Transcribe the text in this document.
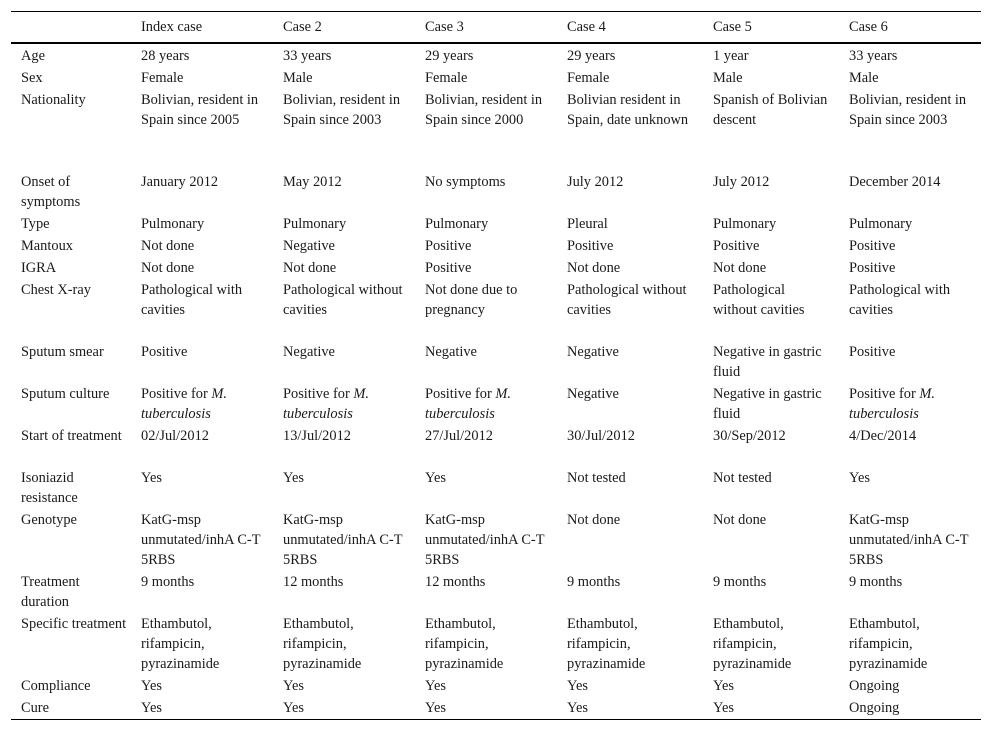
	Index case	Case 2	Case 3	Case 4	Case 5	Case 6
Age	28 years	33 years	29 years	29 years	1 year	33 years
Sex	Female	Male	Female	Female	Male	Male
Nationality	Bolivian, resident in Spain since 2005	Bolivian, resident in Spain since 2003	Bolivian, resident in Spain since 2000	Bolivian resident in Spain, date unknown	Spanish of Bolivian descent	Bolivian, resident in Spain since 2003
Onset of symptoms	January 2012	May 2012	No symptoms	July 2012	July 2012	December 2014
Type	Pulmonary	Pulmonary	Pulmonary	Pleural	Pulmonary	Pulmonary
Mantoux	Not done	Negative	Positive	Positive	Positive	Positive
IGRA	Not done	Not done	Positive	Not done	Not done	Positive
Chest X-ray	Pathological with cavities	Pathological without cavities	Not done due to pregnancy	Pathological without cavities	Pathological without cavities	Pathological with cavities
Sputum smear	Positive	Negative	Negative	Negative	Negative in gastric fluid	Positive
Sputum culture	Positive for M. tuberculosis	Positive for M. tuberculosis	Positive for M. tuberculosis	Negative	Negative in gastric fluid	Positive for M. tuberculosis
Start of treatment	02/Jul/2012	13/Jul/2012	27/Jul/2012	30/Jul/2012	30/Sep/2012	4/Dec/2014
Isoniazid resistance	Yes	Yes	Yes	Not tested	Not tested	Yes
Genotype	KatG-msp unmutated/inhA C-T 5RBS	KatG-msp unmutated/inhA C-T 5RBS	KatG-msp unmutated/inhA C-T 5RBS	Not done	Not done	KatG-msp unmutated/inhA C-T 5RBS
Treatment duration	9 months	12 months	12 months	9 months	9 months	9 months
Specific treatment	Ethambutol, rifampicin, pyrazinamide	Ethambutol, rifampicin, pyrazinamide	Ethambutol, rifampicin, pyrazinamide	Ethambutol, rifampicin, pyrazinamide	Ethambutol, rifampicin, pyrazinamide	Ethambutol, rifampicin, pyrazinamide
Compliance	Yes	Yes	Yes	Yes	Yes	Ongoing
Cure	Yes	Yes	Yes	Yes	Yes	Ongoing
